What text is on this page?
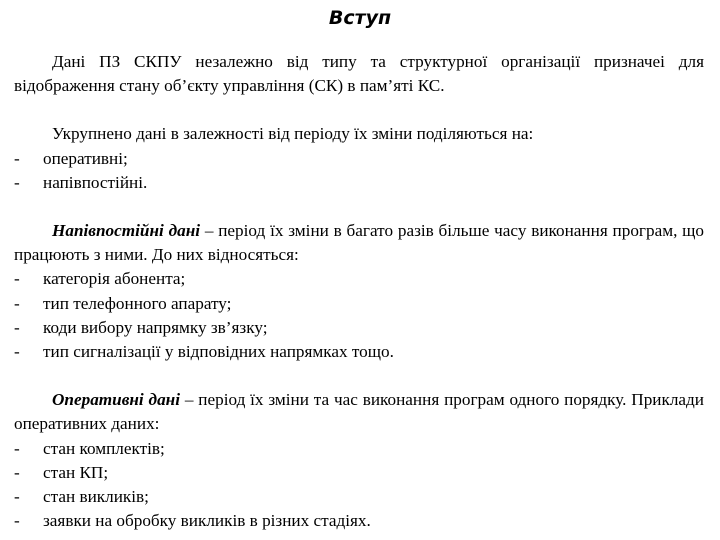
Вступ

Дані ПЗ СКПУ незалежно від типу та структурної організації призначеі для відображення стану об’єкту управління (СК) в пам’яті КС.

Укрупнено дані в залежності від періоду їх зміни поділяються на:

- оперативні;
- напівпостійні.

Напівпостійні дані – період їх зміни в багато разів більше часу виконання програм, що працюють з ними. До них відносяться:

- категорія абонента;
- тип телефонного апарату;
- коди вибору напрямку зв’язку;
- тип сигналізації у відповідних напрямках тощо.

Оперативні дані – період їх зміни та час виконання програм одного порядку. Приклади оперативних даних:

- стан комплектів;
- стан КП;
- стан викликів;
- заявки на обробку викликів в різних стадіях.
